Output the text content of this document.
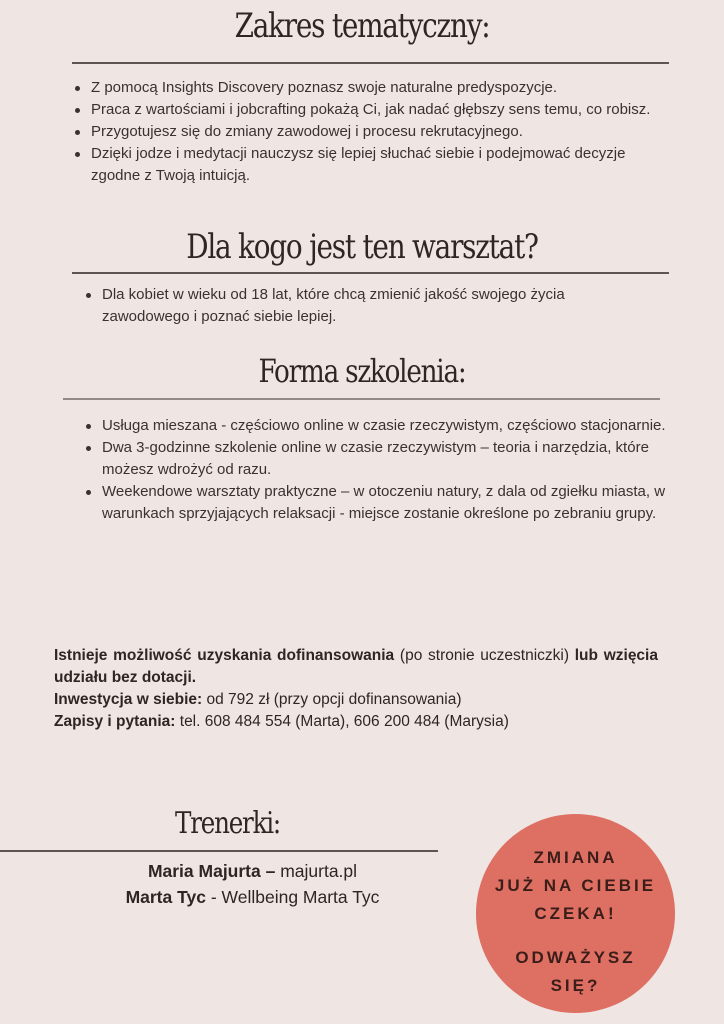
Zakres tematyczny:
Z pomocą Insights Discovery poznasz swoje naturalne predyspozycje.
Praca z wartościami i jobcrafting pokażą Ci, jak nadać głębszy sens temu, co robisz.
Przygotujesz się do zmiany zawodowej i procesu rekrutacyjnego.
Dzięki jodze i medytacji nauczysz się lepiej słuchać siebie i podejmować decyzje zgodne z Twoją intuicją.
Dla kogo jest ten warsztat?
Dla kobiet w wieku od 18 lat, które chcą zmienić jakość swojego życia zawodowego i poznać siebie lepiej.
Forma szkolenia:
Usługa mieszana - częściowo online w czasie rzeczywistym, częściowo stacjonarnie.
Dwa 3-godzinne szkolenie online w czasie rzeczywistym – teoria i narzędzia, które możesz wdrożyć od razu.
Weekendowe warsztaty praktyczne – w otoczeniu natury, z dala od zgiełku miasta, w warunkach sprzyjających relaksacji - miejsce zostanie określone po zebraniu grupy.

Istnieje możliwość uzyskania dofinansowania (po stronie uczestniczki) lub wzięcia udziału bez dotacji.

Inwestycja w siebie: od 792 zł (przy opcji dofinansowania)

Zapisy i pytania: tel. 608 484 554 (Marta), 606 200 484 (Marysia)

Trenerki:
Maria Majurta – majurta.pl
Marta Tyc - Wellbeing Marta Tyc
ZMIANA
JUŻ NA CIEBIE
CZEKA!
ODWAŻYSZ
SIĘ?
